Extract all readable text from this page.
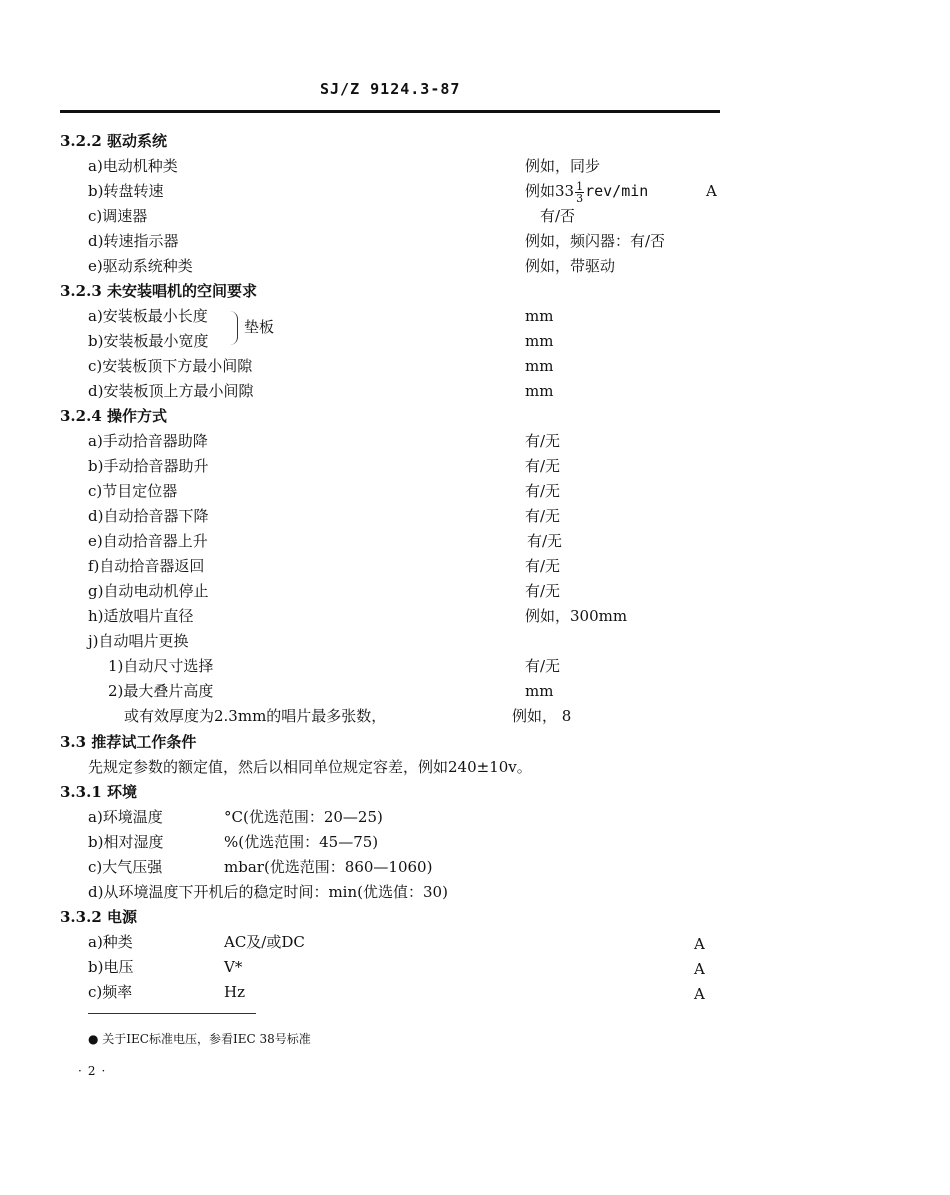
SJ/Z 9124.3-87
3.2.2 驱动系统
a)电动机种类	例如，同步
b)转盘转速	例如$33 \frac{1}{3} rev/\min$	A
c)调速器	有/否
d)转速指示器	例如，频闪器：有/否
e)驱动系统种类	例如，带驱动
3.2.3 未安装唱机的空间要求
a)安装板最小长度	mm
垫板
b)安装板最小宽度	mm
c)安装板顶下方最小间隙	mm
d)安装板顶上方最小间隙	mm
3.2.4 操作方式
a)手动拾音器助降	有/无
b)手动拾音器助升	有/无
c)节目定位器	有/无
d)自动拾音器下降	有/无
e)自动拾音器上升	有/无
f)自动拾音器返回	有/无
g)自动电动机停止	有/无
h)适放唱片直径	例如，300mm
j)自动唱片更换
1)自动尺寸选择	有/无
2)最大叠片高度	mm
或有效厚度为2.3mm的唱片最多张数，	例如， 8
3.3 推荐试工作条件
先规定参数的额定值，然后以相同单位规定容差，例如240±10v。
3.3.1 环境
a)环境温度	°C(优选范围：20—25)
b)相对湿度	%(优选范围：45—75)
c)大气压强	mbar(优选范围：860—1060)
d)从环境温度下开机后的稳定时间：min(优选值：30)
3.3.2 电源
a)种类	AC及/或DC	A
b)电压	V*	A
c)频率	Hz	A
● 关于IEC标准电压，参看IEC 38号标准
·2·
